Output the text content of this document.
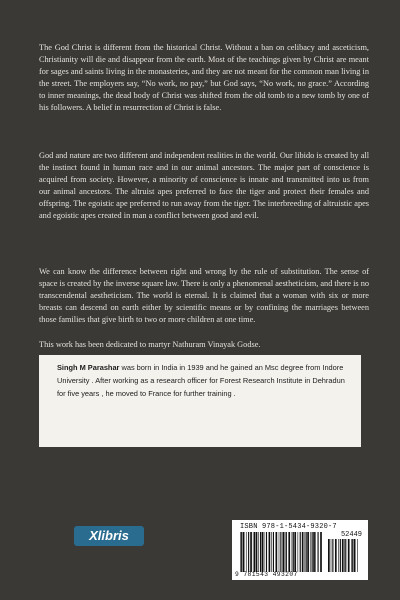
The God Christ is different from the historical Christ. Without a ban on celibacy and asceticism, Christianity will die and disappear from the earth. Most of the teachings given by Christ are meant for sages and saints living in the monasteries, and they are not meant for the common man living in the street. The employers say, “No work, no pay,” but God says, “No work, no grace.” According to inner meanings, the dead body of Christ was shifted from the old tomb to a new tomb by one of his followers. A belief in resurrection of Christ is false.

God and nature are two different and independent realities in the world. Our libido is created by all the instinct found in human race and in our animal ancestors. The major part of conscience is acquired from society. However, a minority of conscience is innate and transmitted into us from our animal ancestors. The altruist apes preferred to face the tiger and protect their females and offspring. The egoistic ape preferred to run away from the tiger. The interbreeding of altruistic apes and egoistic apes created in man a conflict between good and evil.

We can know the difference between right and wrong by the rule of substitution. The sense of space is created by the inverse square law. There is only a phenomenal aestheticism, and there is no transcendental aestheticism. The world is eternal. It is claimed that a woman with six or more breasts can descend on earth either by scientific means or by confining the marriages between those families that give birth to two or more children at one time.

This work has been dedicated to martyr Nathuram Vinayak Godse.

Singh M Parashar was born in India in 1939 and he gained an Msc degree from Indore University . After working as a research officer for Forest Research Institute in Dehradun for five years , he moved to France for further training .
Xlibris
ISBN 978-1-5434-9320-7
52449
9 781543 493207
